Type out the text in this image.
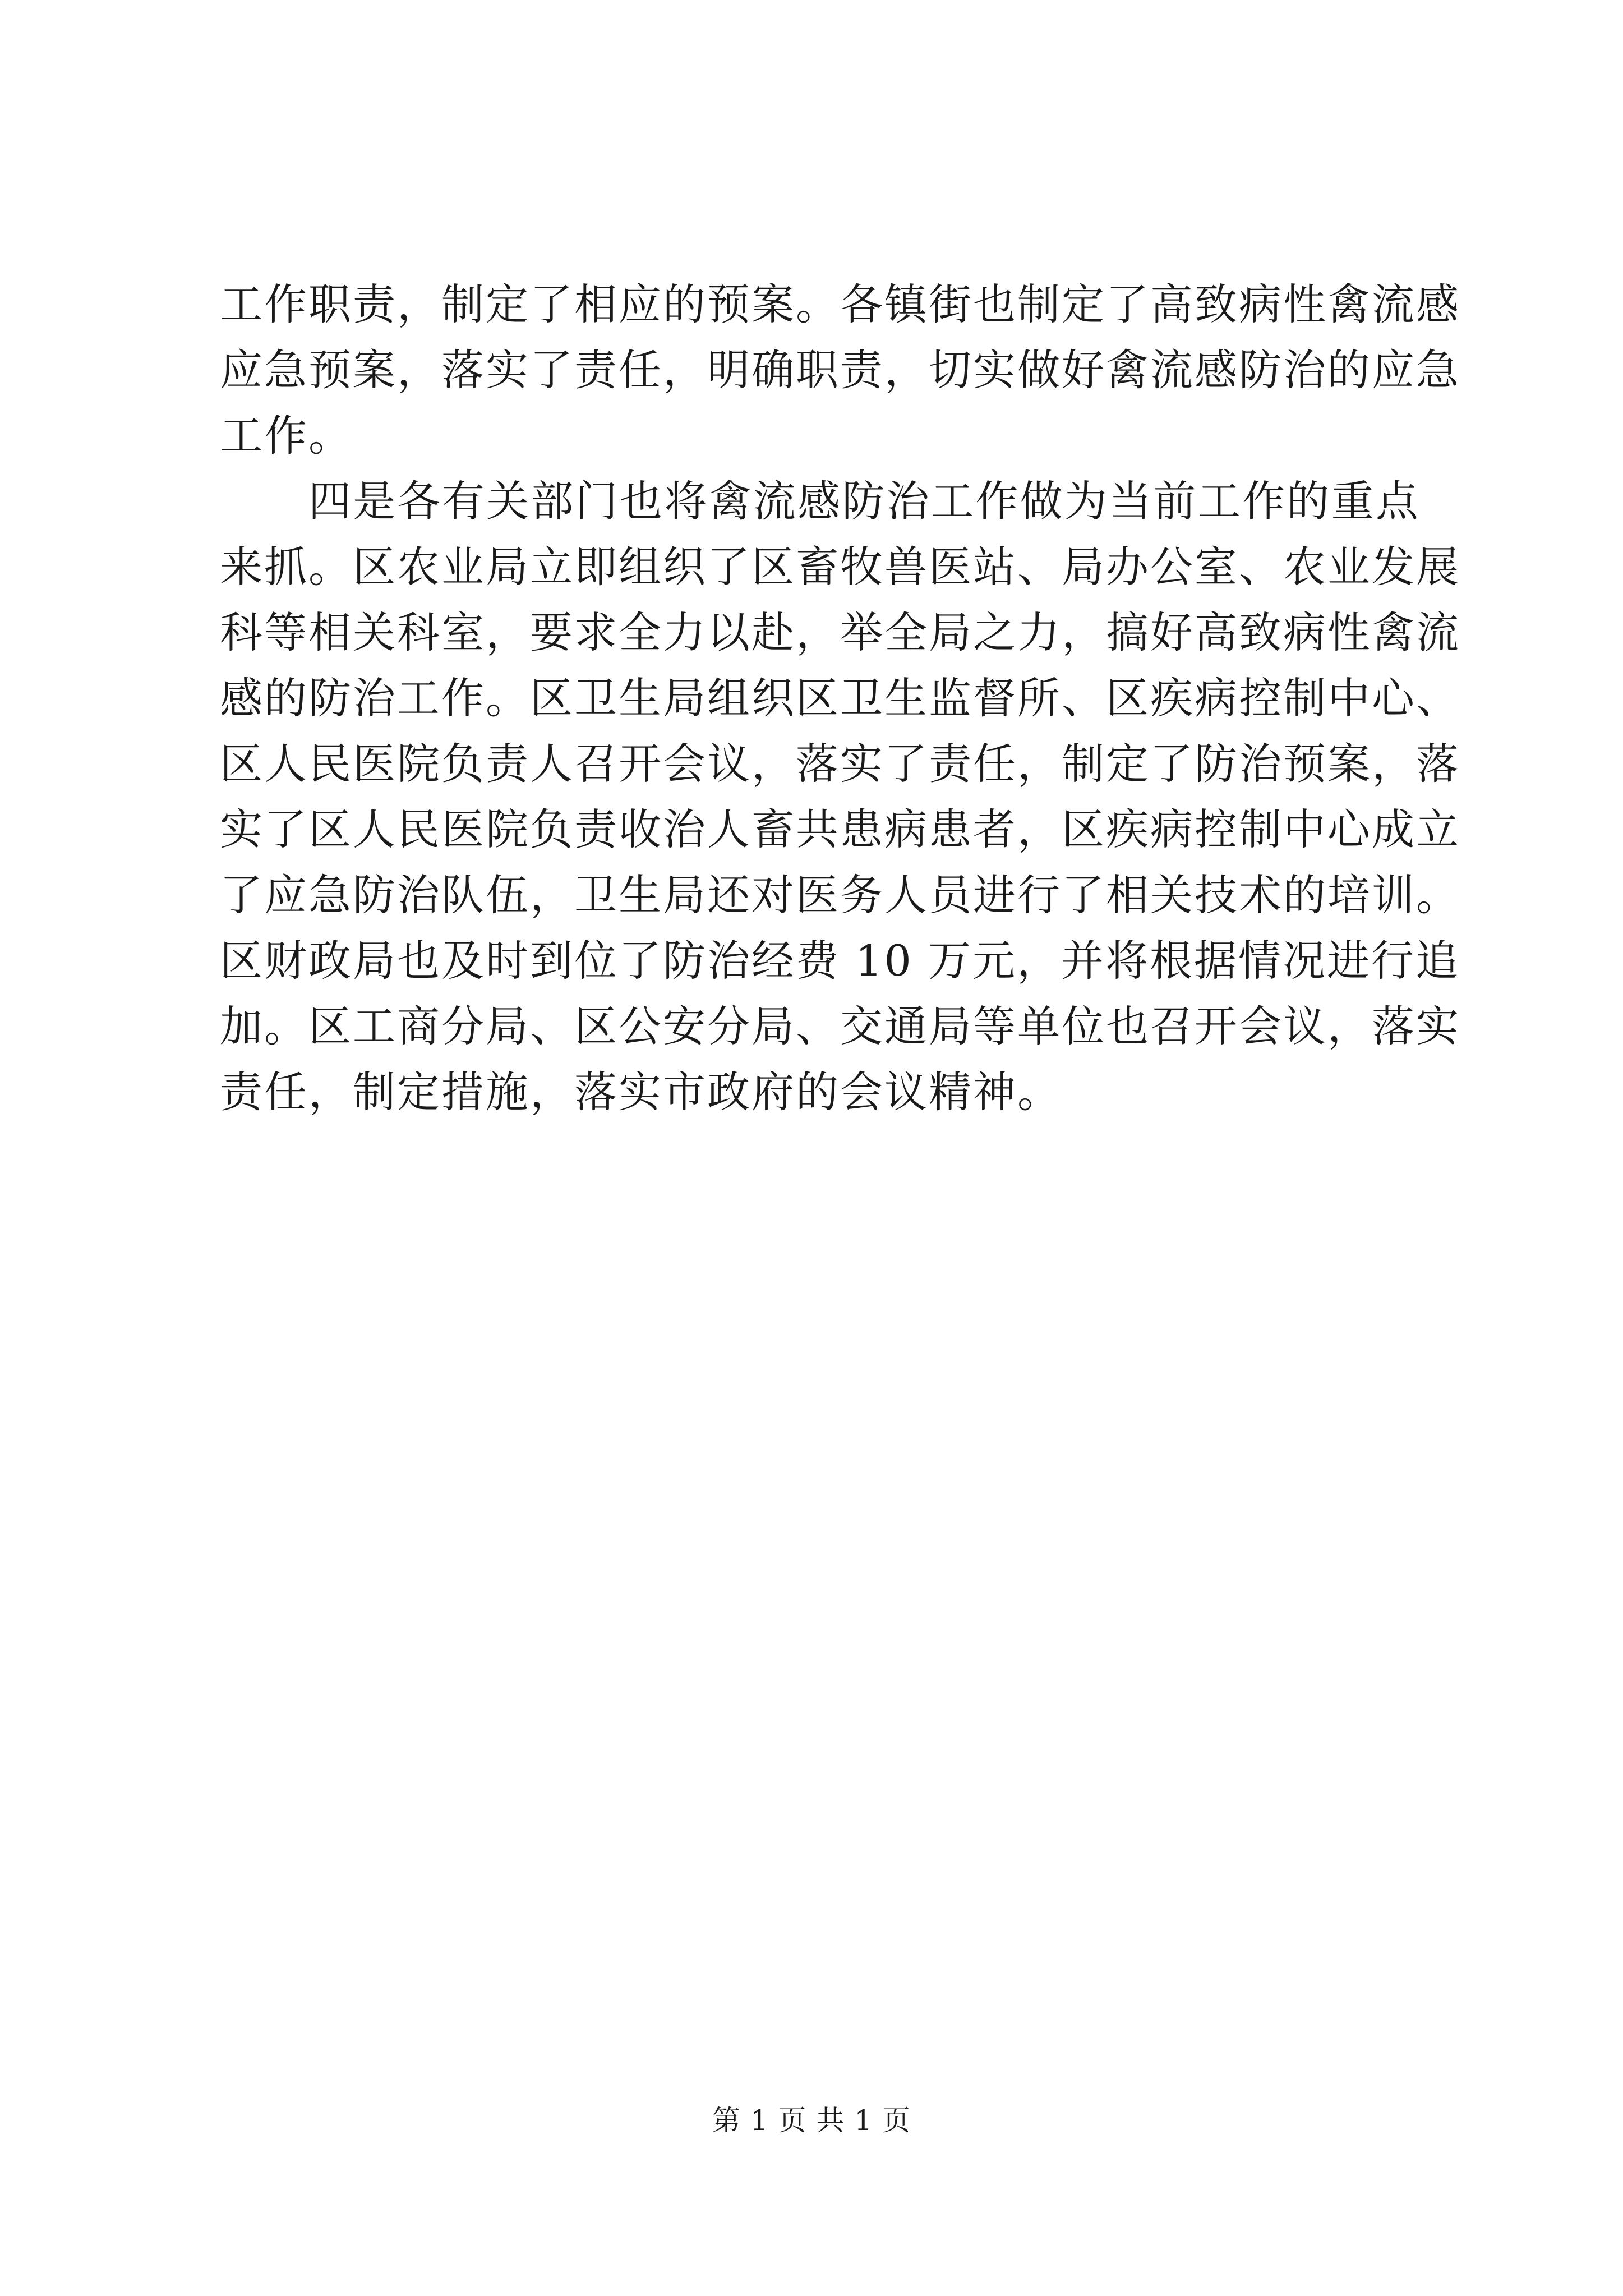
工作职责，制定了相应的预案。各镇街也制定了高致病性禽流感
应急预案，落实了责任，明确职责，切实做好禽流感防治的应急
工作。
四是各有关部门也将禽流感防治工作做为当前工作的重点
来抓。区农业局立即组织了区畜牧兽医站、局办公室、农业发展
科等相关科室，要求全力以赴，举全局之力，搞好高致病性禽流
感的防治工作。区卫生局组织区卫生监督所、区疾病控制中心、
区人民医院负责人召开会议，落实了责任，制定了防治预案，落
实了区人民医院负责收治人畜共患病患者，区疾病控制中心成立
了应急防治队伍，卫生局还对医务人员进行了相关技术的培训。
区财政局也及时到位了防治经费 10 万元，并将根据情况进行追
加。区工商分局、区公安分局、交通局等单位也召开会议，落实
责任，制定措施，落实市政府的会议精神。
第 1 页 共 1 页
